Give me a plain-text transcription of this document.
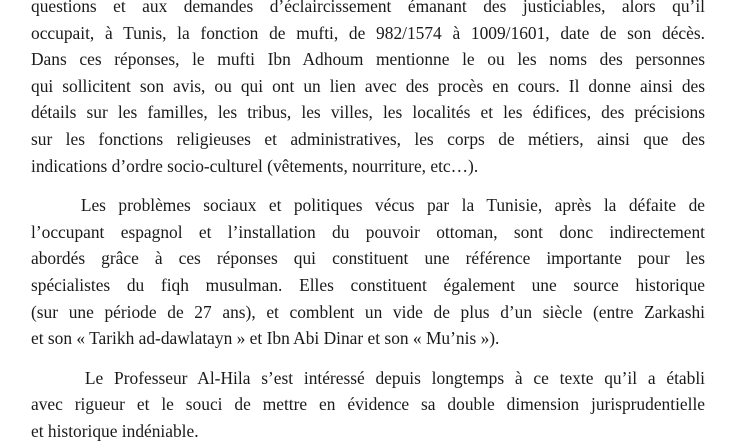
questions et aux demandes d’éclaircissement émanant des justiciables, alors qu’il
occupait, à Tunis, la fonction de mufti, de 982/1574 à 1009/1601, date de son décès.
Dans ces réponses, le mufti Ibn Adhoum mentionne le ou les noms des personnes
qui sollicitent son avis, ou qui ont un lien avec des procès en cours. Il donne ainsi des
détails sur les familles, les tribus, les villes, les localités et les édifices, des précisions
sur les fonctions religieuses et administratives, les corps de métiers, ainsi que des
indications d’ordre socio-culturel (vêtements, nourriture, etc…).
Les problèmes sociaux et politiques vécus par la Tunisie, après la défaite de
l’occupant espagnol et l’installation du pouvoir ottoman, sont donc indirectement
abordés grâce à ces réponses qui constituent une référence importante pour les
spécialistes du fiqh musulman. Elles constituent également une source historique
(sur une période de 27 ans), et comblent un vide de plus d’un siècle (entre Zarkashi
et son « Tarikh ad-dawlatayn » et Ibn Abi Dinar et son « Mu’nis »).
Le Professeur Al-Hila s’est intéressé depuis longtemps à ce texte qu’il a établi
avec rigueur et le souci de mettre en évidence sa double dimension jurisprudentielle
et historique indéniable.
